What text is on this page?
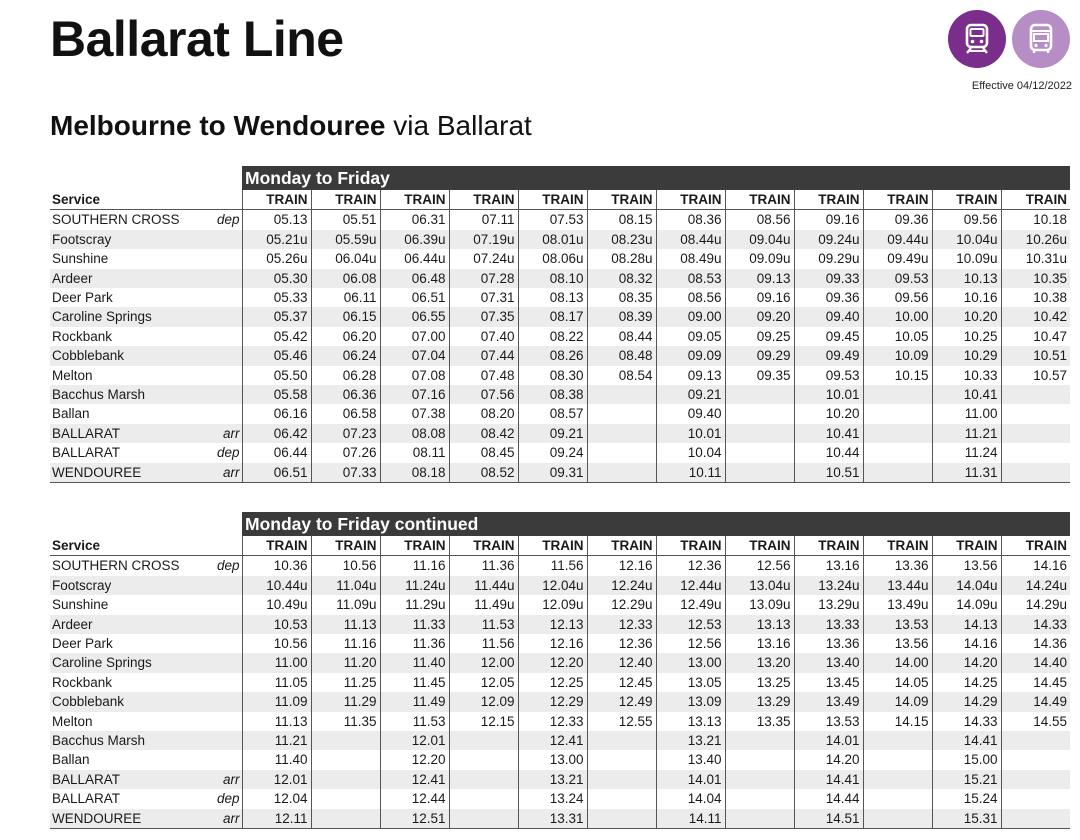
Ballarat Line
Effective 04/12/2022
Melbourne to Wendouree via Ballarat
		Monday to Friday											
Service		TRAIN	TRAIN	TRAIN	TRAIN	TRAIN	TRAIN	TRAIN	TRAIN	TRAIN	TRAIN	TRAIN	TRAIN
SOUTHERN CROSS	dep	05.13	05.51	06.31	07.11	07.53	08.15	08.36	08.56	09.16	09.36	09.56	10.18
Footscray		05.21u	05.59u	06.39u	07.19u	08.01u	08.23u	08.44u	09.04u	09.24u	09.44u	10.04u	10.26u
Sunshine		05.26u	06.04u	06.44u	07.24u	08.06u	08.28u	08.49u	09.09u	09.29u	09.49u	10.09u	10.31u
Ardeer		05.30	06.08	06.48	07.28	08.10	08.32	08.53	09.13	09.33	09.53	10.13	10.35
Deer Park		05.33	06.11	06.51	07.31	08.13	08.35	08.56	09.16	09.36	09.56	10.16	10.38
Caroline Springs		05.37	06.15	06.55	07.35	08.17	08.39	09.00	09.20	09.40	10.00	10.20	10.42
Rockbank		05.42	06.20	07.00	07.40	08.22	08.44	09.05	09.25	09.45	10.05	10.25	10.47
Cobblebank		05.46	06.24	07.04	07.44	08.26	08.48	09.09	09.29	09.49	10.09	10.29	10.51
Melton		05.50	06.28	07.08	07.48	08.30	08.54	09.13	09.35	09.53	10.15	10.33	10.57
Bacchus Marsh		05.58	06.36	07.16	07.56	08.38		09.21		10.01		10.41	
Ballan		06.16	06.58	07.38	08.20	08.57		09.40		10.20		11.00	
BALLARAT	arr	06.42	07.23	08.08	08.42	09.21		10.01		10.41		11.21	
BALLARAT	dep	06.44	07.26	08.11	08.45	09.24		10.04		10.44		11.24	
WENDOUREE	arr	06.51	07.33	08.18	08.52	09.31		10.11		10.51		11.31	
		Monday to Friday continued											
Service		TRAIN	TRAIN	TRAIN	TRAIN	TRAIN	TRAIN	TRAIN	TRAIN	TRAIN	TRAIN	TRAIN	TRAIN
SOUTHERN CROSS	dep	10.36	10.56	11.16	11.36	11.56	12.16	12.36	12.56	13.16	13.36	13.56	14.16
Footscray		10.44u	11.04u	11.24u	11.44u	12.04u	12.24u	12.44u	13.04u	13.24u	13.44u	14.04u	14.24u
Sunshine		10.49u	11.09u	11.29u	11.49u	12.09u	12.29u	12.49u	13.09u	13.29u	13.49u	14.09u	14.29u
Ardeer		10.53	11.13	11.33	11.53	12.13	12.33	12.53	13.13	13.33	13.53	14.13	14.33
Deer Park		10.56	11.16	11.36	11.56	12.16	12.36	12.56	13.16	13.36	13.56	14.16	14.36
Caroline Springs		11.00	11.20	11.40	12.00	12.20	12.40	13.00	13.20	13.40	14.00	14.20	14.40
Rockbank		11.05	11.25	11.45	12.05	12.25	12.45	13.05	13.25	13.45	14.05	14.25	14.45
Cobblebank		11.09	11.29	11.49	12.09	12.29	12.49	13.09	13.29	13.49	14.09	14.29	14.49
Melton		11.13	11.35	11.53	12.15	12.33	12.55	13.13	13.35	13.53	14.15	14.33	14.55
Bacchus Marsh		11.21		12.01		12.41		13.21		14.01		14.41	
Ballan		11.40		12.20		13.00		13.40		14.20		15.00	
BALLARAT	arr	12.01		12.41		13.21		14.01		14.41		15.21	
BALLARAT	dep	12.04		12.44		13.24		14.04		14.44		15.24	
WENDOUREE	arr	12.11		12.51		13.31		14.11		14.51		15.31	
